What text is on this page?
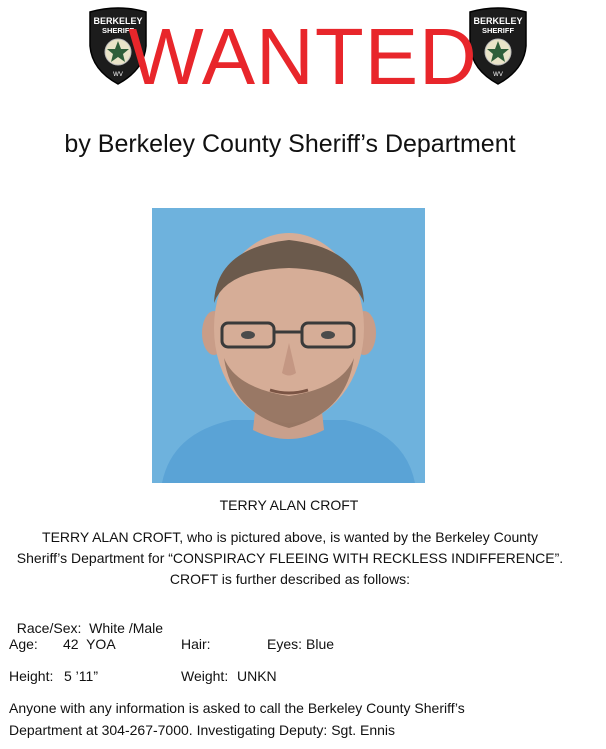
BERKELEY
SHERIFF
WV
BERKELEY
SHERIFF
WV
WANTED
by Berkeley County Sheriff’s Department
TERRY ALAN CROFT
TERRY ALAN CROFT, who is pictured above, is wanted by the Berkeley County
Sheriff’s Department for “CONSPIRACY FLEEING WITH RECKLESS INDIFFERENCE”.
CROFT is further described as follows:

Race/Sex: White /Male

Age: 42  YOA	Hair:	Eyes: Blue
Height: 5 ’11”	Weight: UNKN
Anyone with any information is asked to call the Berkeley County Sheriff’s
Department at 304-267-7000. Investigating Deputy: Sgt. Ennis
